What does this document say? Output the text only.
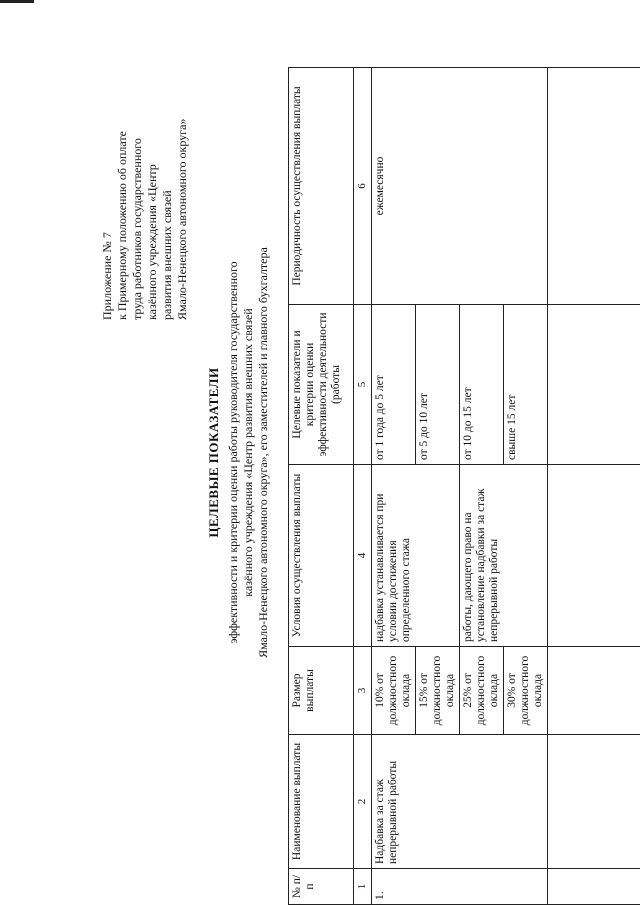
Приложение № 7 к Примерному положению об оплате труда работников государственного казённого учреждения «Центр развития внешних связей Ямало-Ненецкого автономного округа»
ЦЕЛЕВЫЕ ПОКАЗАТЕЛИ эффективности и критерии оценки работы руководителя государственного казённого учреждения «Центр развития внешних связей Ямало-Ненецкого автономного округа», его заместителей и главного бухгалтера
№ п/п	Наименование выплаты	Размер выплаты	Условия осуществления выплаты	Целевые показатели и критерии оценки эффективности деятельности (работы	Периодичность осуществления выплаты
1	2	3	4	5	6
1.	Надбавка за стаж непрерывной работы	10% от должностного оклада	надбавка устанавливается при условии достижения определенного стажа	от 1 года до 5 лет	ежемесячно
		15% от должностного оклада		от 5 до 10 лет	
		25% от должностного оклада	работы, дающего право на установление надбавки за стаж непрерывной работы	от 10 до 15 лет	
		30% от должностного оклада		свыше 15 лет	
